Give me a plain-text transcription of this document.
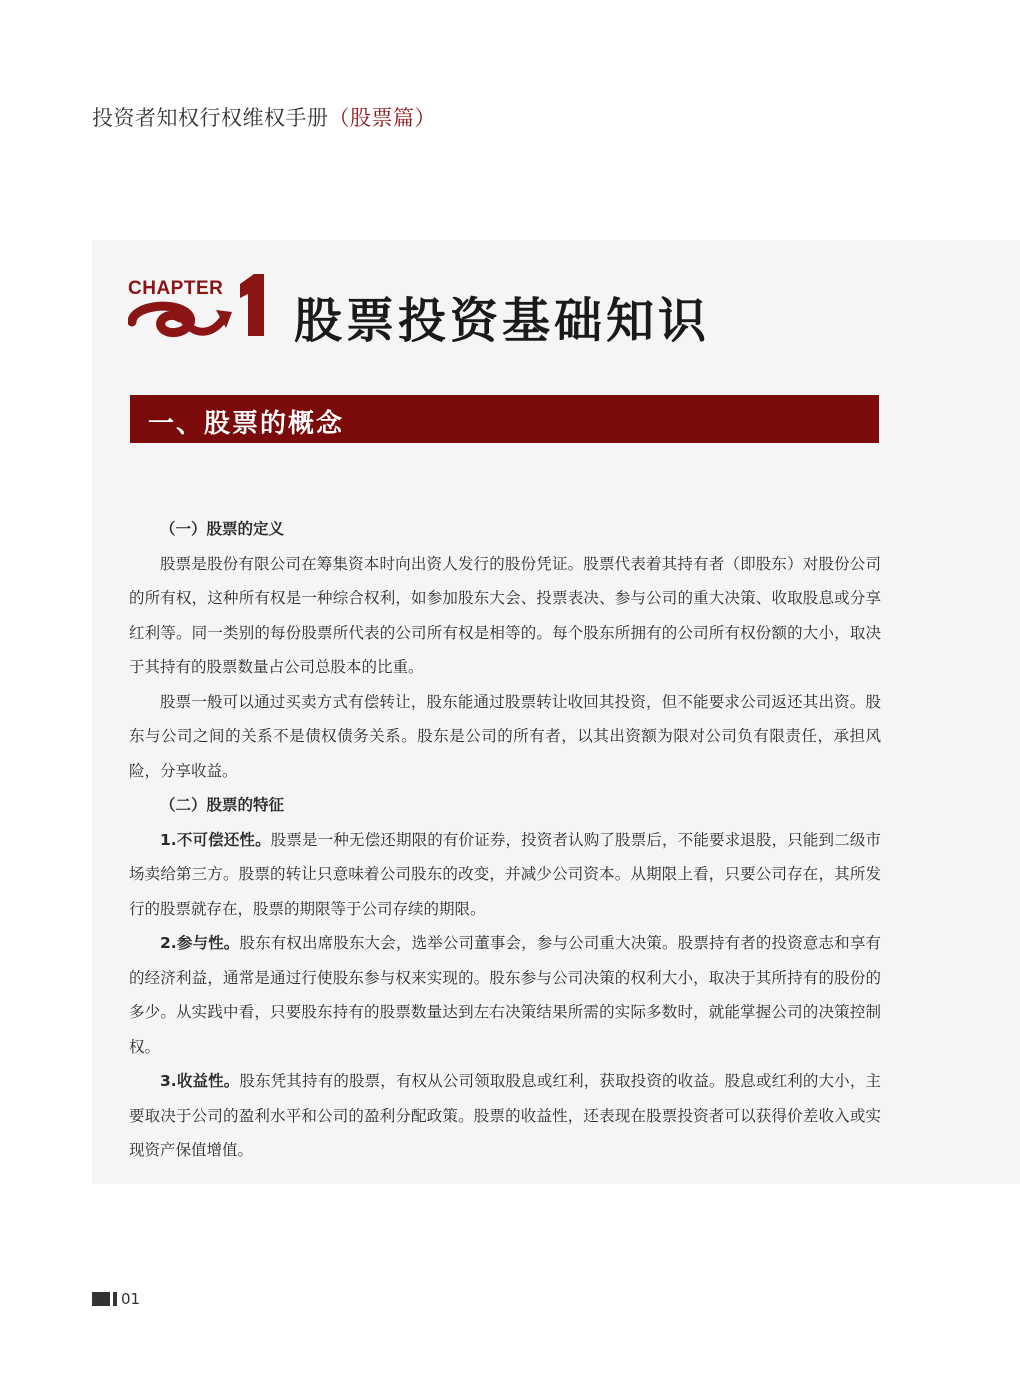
投资者知权行权维权手册（股票篇）
CHAPTER
股票投资基础知识
一、股票的概念

（一）股票的定义

股票是股份有限公司在筹集资本时向出资人发行的股份凭证。股票代表着其持有者（即股东）对股份公司的所有权，这种所有权是一种综合权利，如参加股东大会、投票表决、参与公司的重大决策、收取股息或分享红利等。同一类别的每份股票所代表的公司所有权是相等的。每个股东所拥有的公司所有权份额的大小，取决于其持有的股票数量占公司总股本的比重。

股票一般可以通过买卖方式有偿转让，股东能通过股票转让收回其投资，但不能要求公司返还其出资。股东与公司之间的关系不是债权债务关系。股东是公司的所有者，以其出资额为限对公司负有限责任，承担风险，分享收益。

（二）股票的特征

1.不可偿还性。股票是一种无偿还期限的有价证券，投资者认购了股票后，不能要求退股，只能到二级市场卖给第三方。股票的转让只意味着公司股东的改变，并减少公司资本。从期限上看，只要公司存在，其所发行的股票就存在，股票的期限等于公司存续的期限。

2.参与性。股东有权出席股东大会，选举公司董事会，参与公司重大决策。股票持有者的投资意志和享有的经济利益，通常是通过行使股东参与权来实现的。股东参与公司决策的权利大小，取决于其所持有的股份的多少。从实践中看，只要股东持有的股票数量达到左右决策结果所需的实际多数时，就能掌握公司的决策控制权。

3.收益性。股东凭其持有的股票，有权从公司领取股息或红利，获取投资的收益。股息或红利的大小，主要取决于公司的盈利水平和公司的盈利分配政策。股票的收益性，还表现在股票投资者可以获得价差收入或实现资产保值增值。

01
